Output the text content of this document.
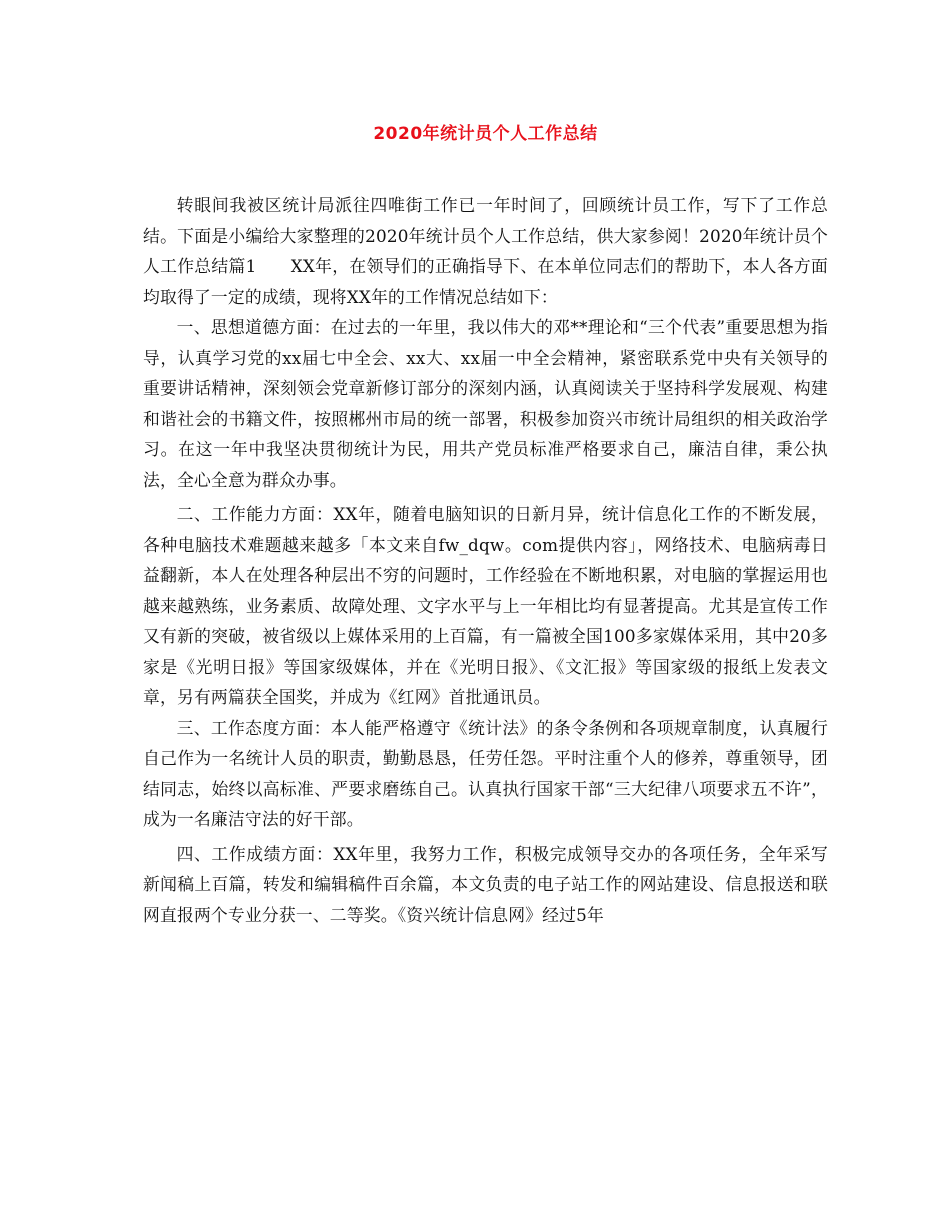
2020年统计员个人工作总结

转眼间我被区统计局派往四唯街工作已一年时间了，回顾统计员工作，写下了工作总结。下面是小编给大家整理的2020年统计员个人工作总结，供大家参阅！2020年统计员个人工作总结篇1　　XX年，在领导们的正确指导下、在本单位同志们的帮助下，本人各方面均取得了一定的成绩，现将XX年的工作情况总结如下：

一、思想道德方面：在过去的一年里，我以伟大的邓**理论和“三个代表”重要思想为指导，认真学习党的xx届七中全会、xx大、xx届一中全会精神，紧密联系党中央有关领导的重要讲话精神，深刻领会党章新修订部分的深刻内涵，认真阅读关于坚持科学发展观、构建和谐社会的书籍文件，按照郴州市局的统一部署，积极参加资兴市统计局组织的相关政治学习。在这一年中我坚决贯彻统计为民，用共产党员标准严格要求自己，廉洁自律，秉公执法，全心全意为群众办事。

二、工作能力方面：XX年，随着电脑知识的日新月异，统计信息化工作的不断发展，各种电脑技术难题越来越多「本文来自fw_dqw。com提供内容」，网络技术、电脑病毒日益翻新，本人在处理各种层出不穷的问题时，工作经验在不断地积累，对电脑的掌握运用也越来越熟练，业务素质、故障处理、文字水平与上一年相比均有显著提高。尤其是宣传工作又有新的突破，被省级以上媒体采用的上百篇，有一篇被全国100多家媒体采用，其中20多家是《光明日报》等国家级媒体，并在《光明日报》、《文汇报》等国家级的报纸上发表文章，另有两篇获全国奖，并成为《红网》首批通讯员。

三、工作态度方面：本人能严格遵守《统计法》的条令条例和各项规章制度，认真履行自己作为一名统计人员的职责，勤勤恳恳，任劳任怨。平时注重个人的修养，尊重领导，团结同志，始终以高标准、严要求磨练自己。认真执行国家干部“三大纪律八项要求五不许”，成为一名廉洁守法的好干部。

四、工作成绩方面：XX年里，我努力工作，积极完成领导交办的各项任务，全年采写新闻稿上百篇，转发和编辑稿件百余篇，本文负责的电子站工作的网站建设、信息报送和联网直报两个专业分获一、二等奖。《资兴统计信息网》经过5年
